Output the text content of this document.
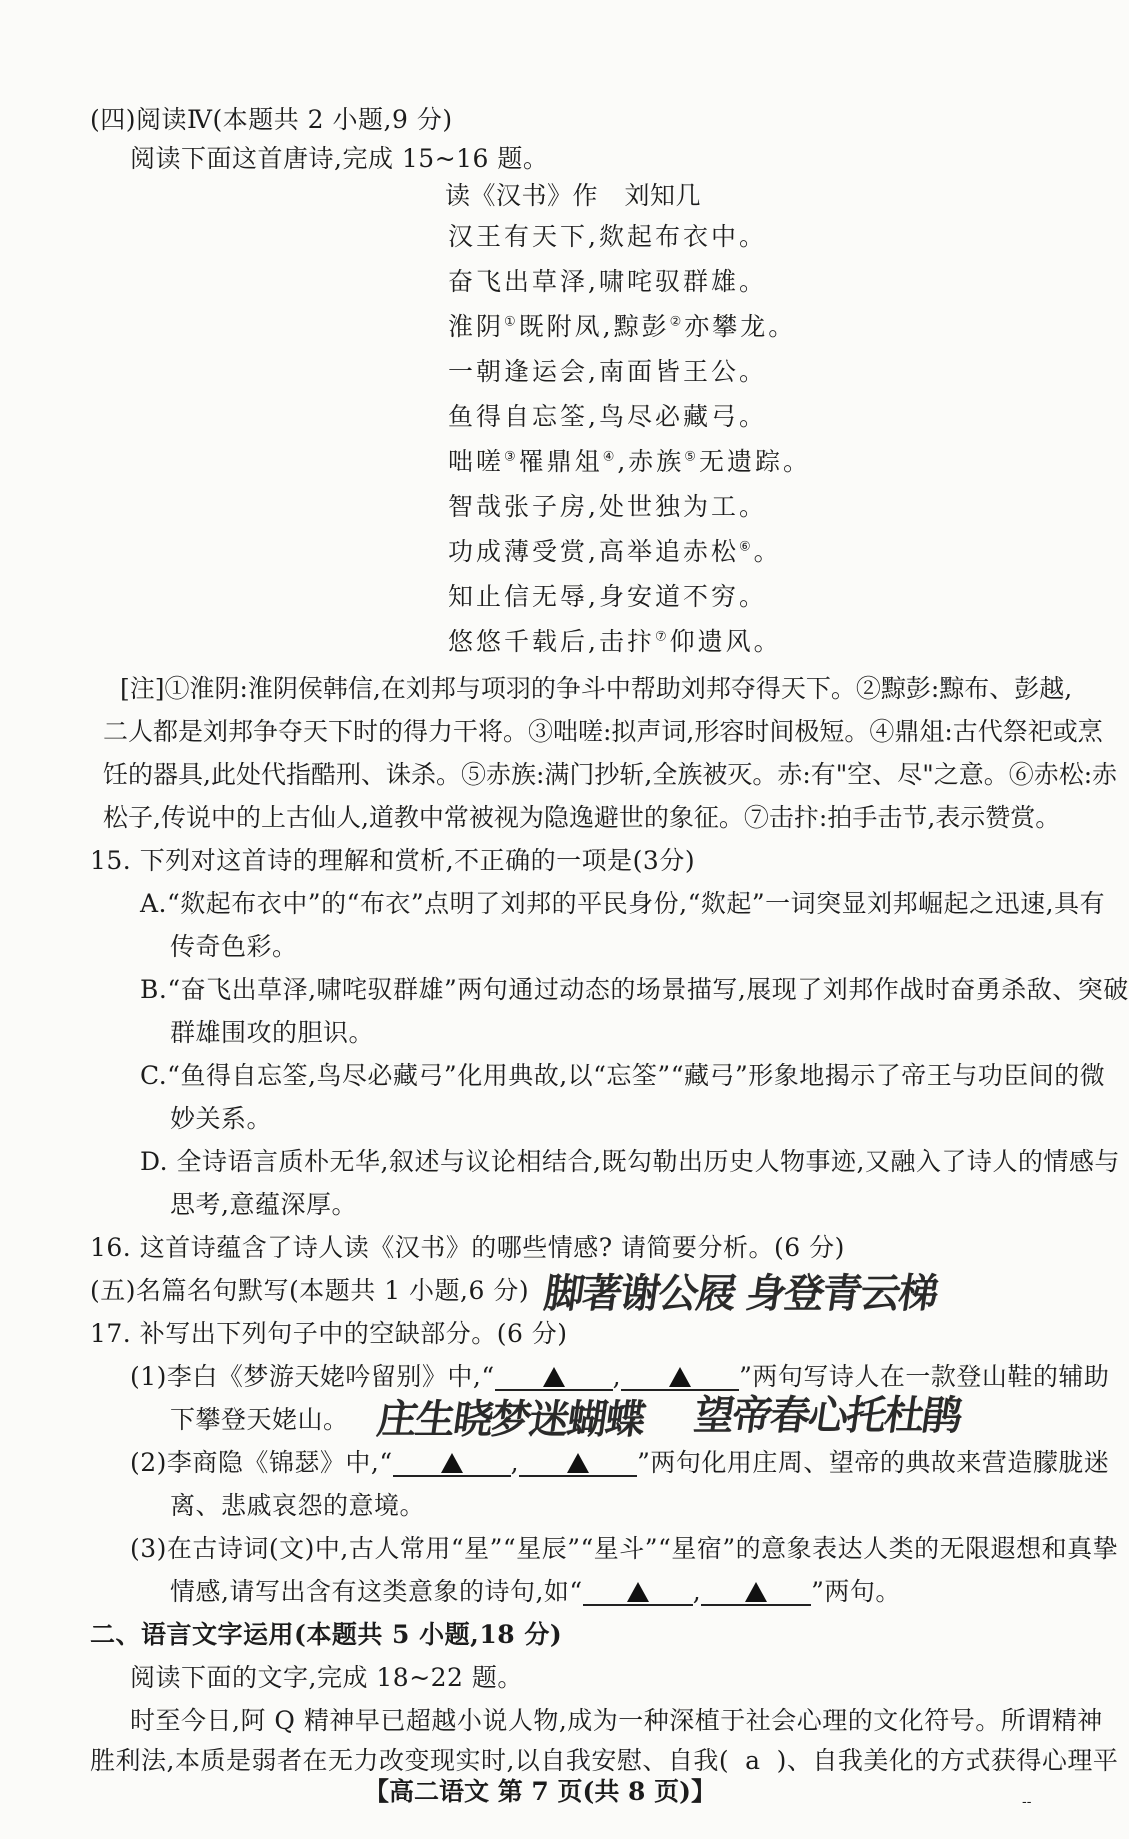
(四)阅读Ⅳ(本题共 2 小题,9 分)
阅读下面这首唐诗,完成 15~16 题。
读《汉书》作 刘知几
汉王有天下,欻起布衣中。
奋飞出草泽,啸咤驭群雄。
淮阴①既附凤,黥彭②亦攀龙。
一朝逢运会,南面皆王公。
鱼得自忘筌,鸟尽必藏弓。
咄嗟③罹鼎俎④,赤族⑤无遗踪。
智哉张子房,处世独为工。
功成薄受赏,高举追赤松⑥。
知止信无辱,身安道不穷。
悠悠千载后,击抃⑦仰遗风。
[注]①淮阴:淮阴侯韩信,在刘邦与项羽的争斗中帮助刘邦夺得天下。②黥彭:黥布、彭越,
二人都是刘邦争夺天下时的得力干将。③咄嗟:拟声词,形容时间极短。④鼎俎:古代祭祀或烹
饪的器具,此处代指酷刑、诛杀。⑤赤族:满门抄斩,全族被灭。赤:有"空、尽"之意。⑥赤松:赤
松子,传说中的上古仙人,道教中常被视为隐逸避世的象征。⑦击抃:拍手击节,表示赞赏。
15. 下列对这首诗的理解和赏析,不正确的一项是(3分)
A.“欻起布衣中”的“布衣”点明了刘邦的平民身份,“欻起”一词突显刘邦崛起之迅速,具有
传奇色彩。
B.“奋飞出草泽,啸咤驭群雄”两句通过动态的场景描写,展现了刘邦作战时奋勇杀敌、突破
群雄围攻的胆识。
C.“鱼得自忘筌,鸟尽必藏弓”化用典故,以“忘筌”“藏弓”形象地揭示了帝王与功臣间的微
妙关系。
D. 全诗语言质朴无华,叙述与议论相结合,既勾勒出历史人物事迹,又融入了诗人的情感与
思考,意蕴深厚。
16. 这首诗蕴含了诗人读《汉书》的哪些情感? 请简要分析。(6 分)
(五)名篇名句默写(本题共 1 小题,6 分)
17. 补写出下列句子中的空缺部分。(6 分)
(1)李白《梦游天姥吟留别》中,“	,	”两句写诗人在一款登山鞋的辅助
下攀登天姥山。
(2)李商隐《锦瑟》中,“	,	”两句化用庄周、望帝的典故来营造朦胧迷
离、悲戚哀怨的意境。
(3)在古诗词(文)中,古人常用“星”“星辰”“星斗”“星宿”的意象表达人类的无限遐想和真挚
情感,请写出含有这类意象的诗句,如“	,	”两句。
脚著谢公屐 身登青云梯
庄生晓梦迷蝴蝶 望帝春心托杜鹃
二、语言文字运用(本题共 5 小题,18 分)
阅读下面的文字,完成 18~22 题。
时至今日,阿 Q 精神早已超越小说人物,成为一种深植于社会心理的文化符号。所谓精神
胜利法,本质是弱者在无力改变现实时,以自我安慰、自我( a )、自我美化的方式获得心理平
【高二语文 第 7 页(共 8 页)】	--
